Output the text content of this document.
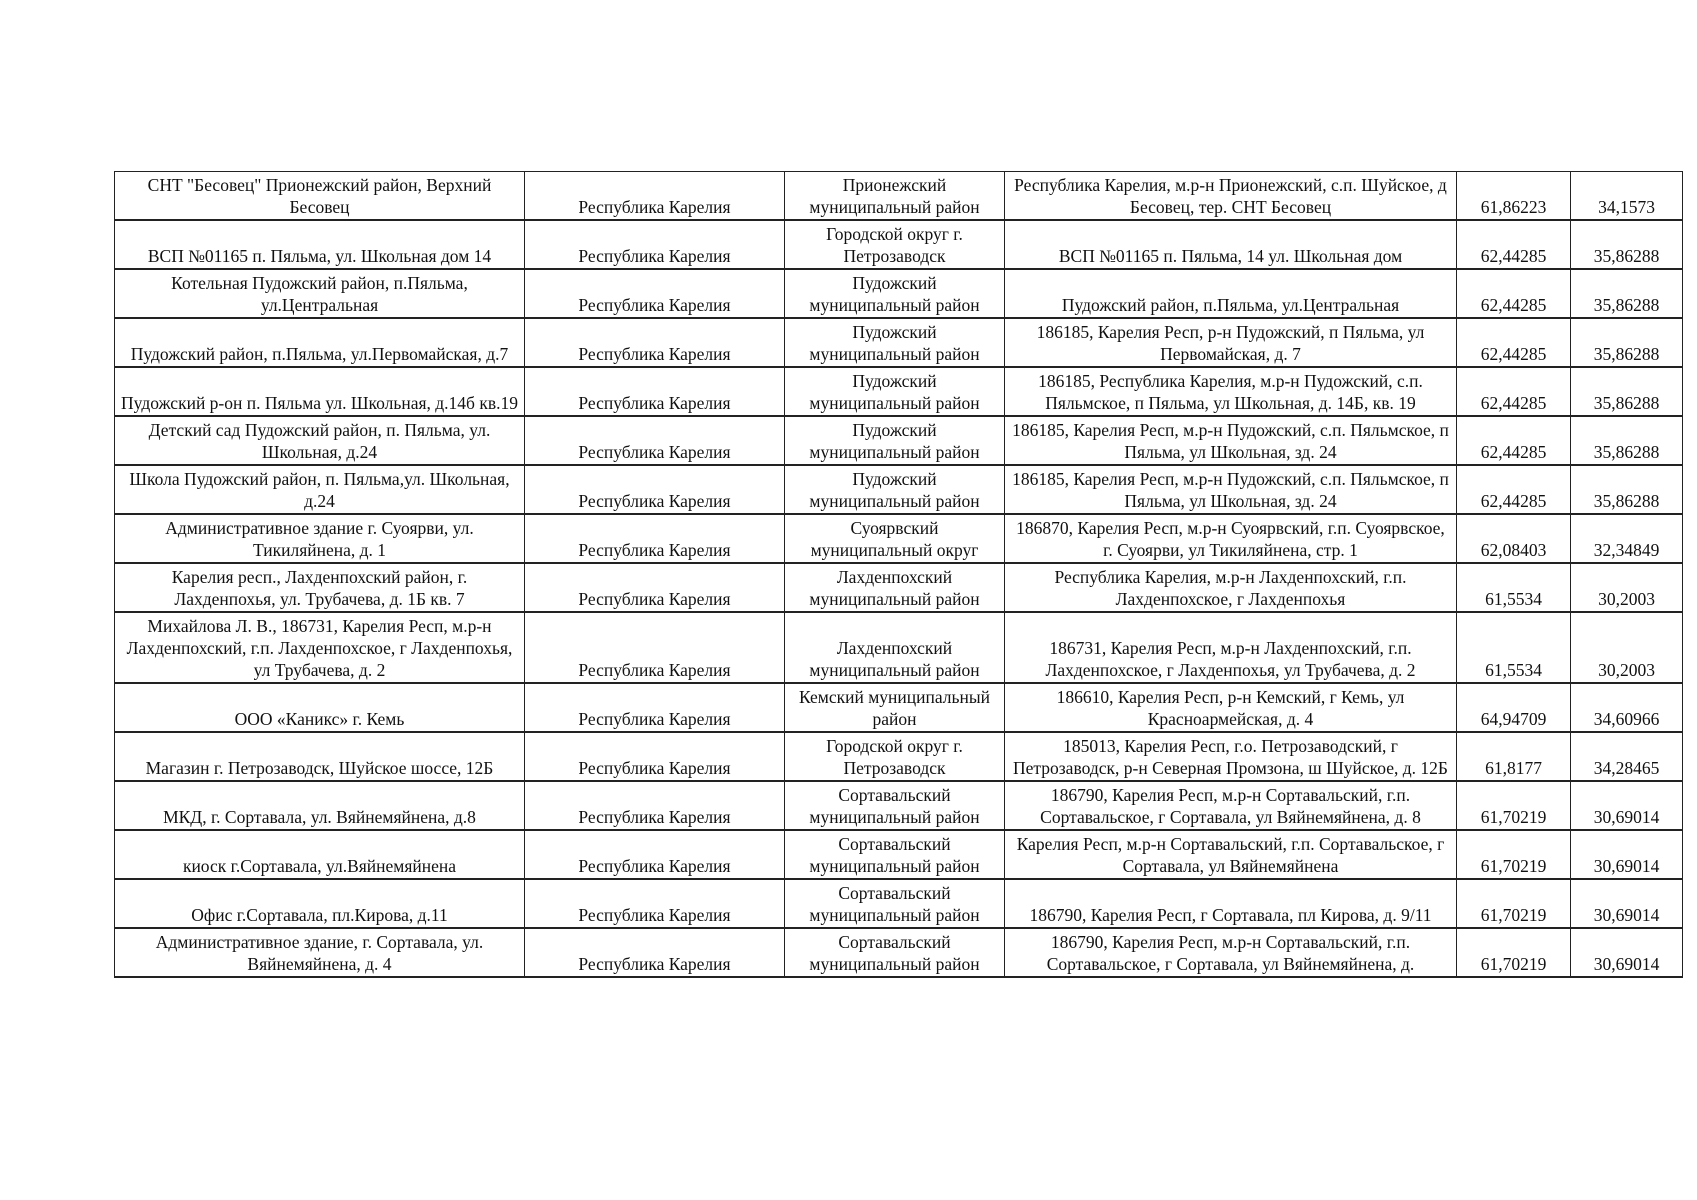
СНТ "Бесовец" Прионежский район, Верхний Бесовец	Республика Карелия	Прионежский муниципальный район	Республика Карелия, м.р-н Прионежский, с.п. Шуйское, д Бесовец, тер. СНТ Бесовец	61,86223	34,1573
ВСП №01165 п. Пяльма, ул. Школьная дом 14	Республика Карелия	Городской округ г. Петрозаводск	ВСП №01165 п. Пяльма, 14 ул. Школьная дом	62,44285	35,86288
Котельная Пудожский район, п.Пяльма, ул.Центральная	Республика Карелия	Пудожский муниципальный район	Пудожский район, п.Пяльма, ул.Центральная	62,44285	35,86288
Пудожский район, п.Пяльма, ул.Первомайская, д.7	Республика Карелия	Пудожский муниципальный район	186185, Карелия Респ, р-н Пудожский, п Пяльма, ул Первомайская, д. 7	62,44285	35,86288
Пудожский р-он п. Пяльма ул. Школьная, д.14б кв.19	Республика Карелия	Пудожский муниципальный район	186185, Республика Карелия, м.р-н Пудожский, с.п. Пяльмское, п Пяльма, ул Школьная, д. 14Б, кв. 19	62,44285	35,86288
Детский сад Пудожский район, п. Пяльма, ул. Школьная, д.24	Республика Карелия	Пудожский муниципальный район	186185, Карелия Респ, м.р-н Пудожский, с.п. Пяльмское, п Пяльма, ул Школьная, зд. 24	62,44285	35,86288
Школа Пудожский район, п. Пяльма,ул. Школьная, д.24	Республика Карелия	Пудожский муниципальный район	186185, Карелия Респ, м.р-н Пудожский, с.п. Пяльмское, п Пяльма, ул Школьная, зд. 24	62,44285	35,86288
Административное здание г. Суоярви, ул. Тикиляйнена, д. 1	Республика Карелия	Суоярвский муниципальный округ	186870, Карелия Респ, м.р-н Суоярвский, г.п. Суоярвское, г. Суоярви, ул Тикиляйнена, стр. 1	62,08403	32,34849
Карелия респ., Лахденпохский район, г. Лахденпохья, ул. Трубачева, д. 1Б кв. 7	Республика Карелия	Лахденпохский муниципальный район	Республика Карелия, м.р-н Лахденпохский, г.п. Лахденпохское, г Лахденпохья	61,5534	30,2003
Михайлова Л. В., 186731, Карелия Респ, м.р-н Лахденпохский, г.п. Лахденпохское, г Лахденпохья, ул Трубачева, д. 2	Республика Карелия	Лахденпохский муниципальный район	186731, Карелия Респ, м.р-н Лахденпохский, г.п. Лахденпохское, г Лахденпохья, ул Трубачева, д. 2	61,5534	30,2003
ООО «Каникс» г. Кемь	Республика Карелия	Кемский муниципальный район	186610, Карелия Респ, р-н Кемский, г Кемь, ул Красноармейская, д. 4	64,94709	34,60966
Магазин г. Петрозаводск, Шуйское шоссе, 12Б	Республика Карелия	Городской округ г. Петрозаводск	185013, Карелия Респ, г.о. Петрозаводский, г Петрозаводск, р-н Северная Промзона, ш Шуйское, д. 12Б	61,8177	34,28465
МКД, г. Сортавала, ул. Вяйнемяйнена, д.8	Республика Карелия	Сортавальский муниципальный район	186790, Карелия Респ, м.р-н Сортавальский, г.п. Сортавальское, г Сортавала, ул Вяйнемяйнена, д. 8	61,70219	30,69014
киоск г.Сортавала, ул.Вяйнемяйнена	Республика Карелия	Сортавальский муниципальный район	Карелия Респ, м.р-н Сортавальский, г.п. Сортавальское, г Сортавала, ул Вяйнемяйнена	61,70219	30,69014
Офис г.Сортавала, пл.Кирова, д.11	Республика Карелия	Сортавальский муниципальный район	186790, Карелия Респ, г Сортавала, пл Кирова, д. 9/11	61,70219	30,69014
Административное здание, г. Сортавала, ул. Вяйнемяйнена, д. 4	Республика Карелия	Сортавальский муниципальный район	186790, Карелия Респ, м.р-н Сортавальский, г.п. Сортавальское, г Сортавала, ул Вяйнемяйнена, д.	61,70219	30,69014
